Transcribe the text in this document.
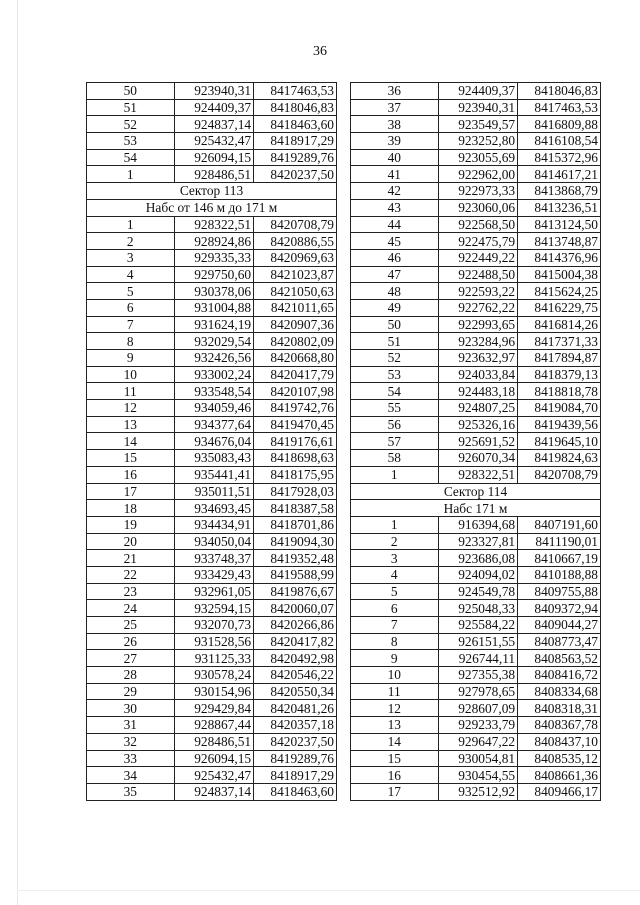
36
50	923940,31	8417463,53
51	924409,37	8418046,83
52	924837,14	8418463,60
53	925432,47	8418917,29
54	926094,15	8419289,76
1	928486,51	8420237,50
Сектор 113		
Набс от 146 м до 171 м		
1	928322,51	8420708,79
2	928924,86	8420886,55
3	929335,33	8420969,63
4	929750,60	8421023,87
5	930378,06	8421050,63
6	931004,88	8421011,65
7	931624,19	8420907,36
8	932029,54	8420802,09
9	932426,56	8420668,80
10	933002,24	8420417,79
11	933548,54	8420107,98
12	934059,46	8419742,76
13	934377,64	8419470,45
14	934676,04	8419176,61
15	935083,43	8418698,63
16	935441,41	8418175,95
17	935011,51	8417928,03
18	934693,45	8418387,58
19	934434,91	8418701,86
20	934050,04	8419094,30
21	933748,37	8419352,48
22	933429,43	8419588,99
23	932961,05	8419876,67
24	932594,15	8420060,07
25	932070,73	8420266,86
26	931528,56	8420417,82
27	931125,33	8420492,98
28	930578,24	8420546,22
29	930154,96	8420550,34
30	929429,84	8420481,26
31	928867,44	8420357,18
32	928486,51	8420237,50
33	926094,15	8419289,76
34	925432,47	8418917,29
35	924837,14	8418463,60
36	924409,37	8418046,83
37	923940,31	8417463,53
38	923549,57	8416809,88
39	923252,80	8416108,54
40	923055,69	8415372,96
41	922962,00	8414617,21
42	922973,33	8413868,79
43	923060,06	8413236,51
44	922568,50	8413124,50
45	922475,79	8413748,87
46	922449,22	8414376,96
47	922488,50	8415004,38
48	922593,22	8415624,25
49	922762,22	8416229,75
50	922993,65	8416814,26
51	923284,96	8417371,33
52	923632,97	8417894,87
53	924033,84	8418379,13
54	924483,18	8418818,78
55	924807,25	8419084,70
56	925326,16	8419439,56
57	925691,52	8419645,10
58	926070,34	8419824,63
1	928322,51	8420708,79
Сектор 114		
Набс 171 м		
1	916394,68	8407191,60
2	923327,81	8411190,01
3	923686,08	8410667,19
4	924094,02	8410188,88
5	924549,78	8409755,88
6	925048,33	8409372,94
7	925584,22	8409044,27
8	926151,55	8408773,47
9	926744,11	8408563,52
10	927355,38	8408416,72
11	927978,65	8408334,68
12	928607,09	8408318,31
13	929233,79	8408367,78
14	929647,22	8408437,10
15	930054,81	8408535,12
16	930454,55	8408661,36
17	932512,92	8409466,17
